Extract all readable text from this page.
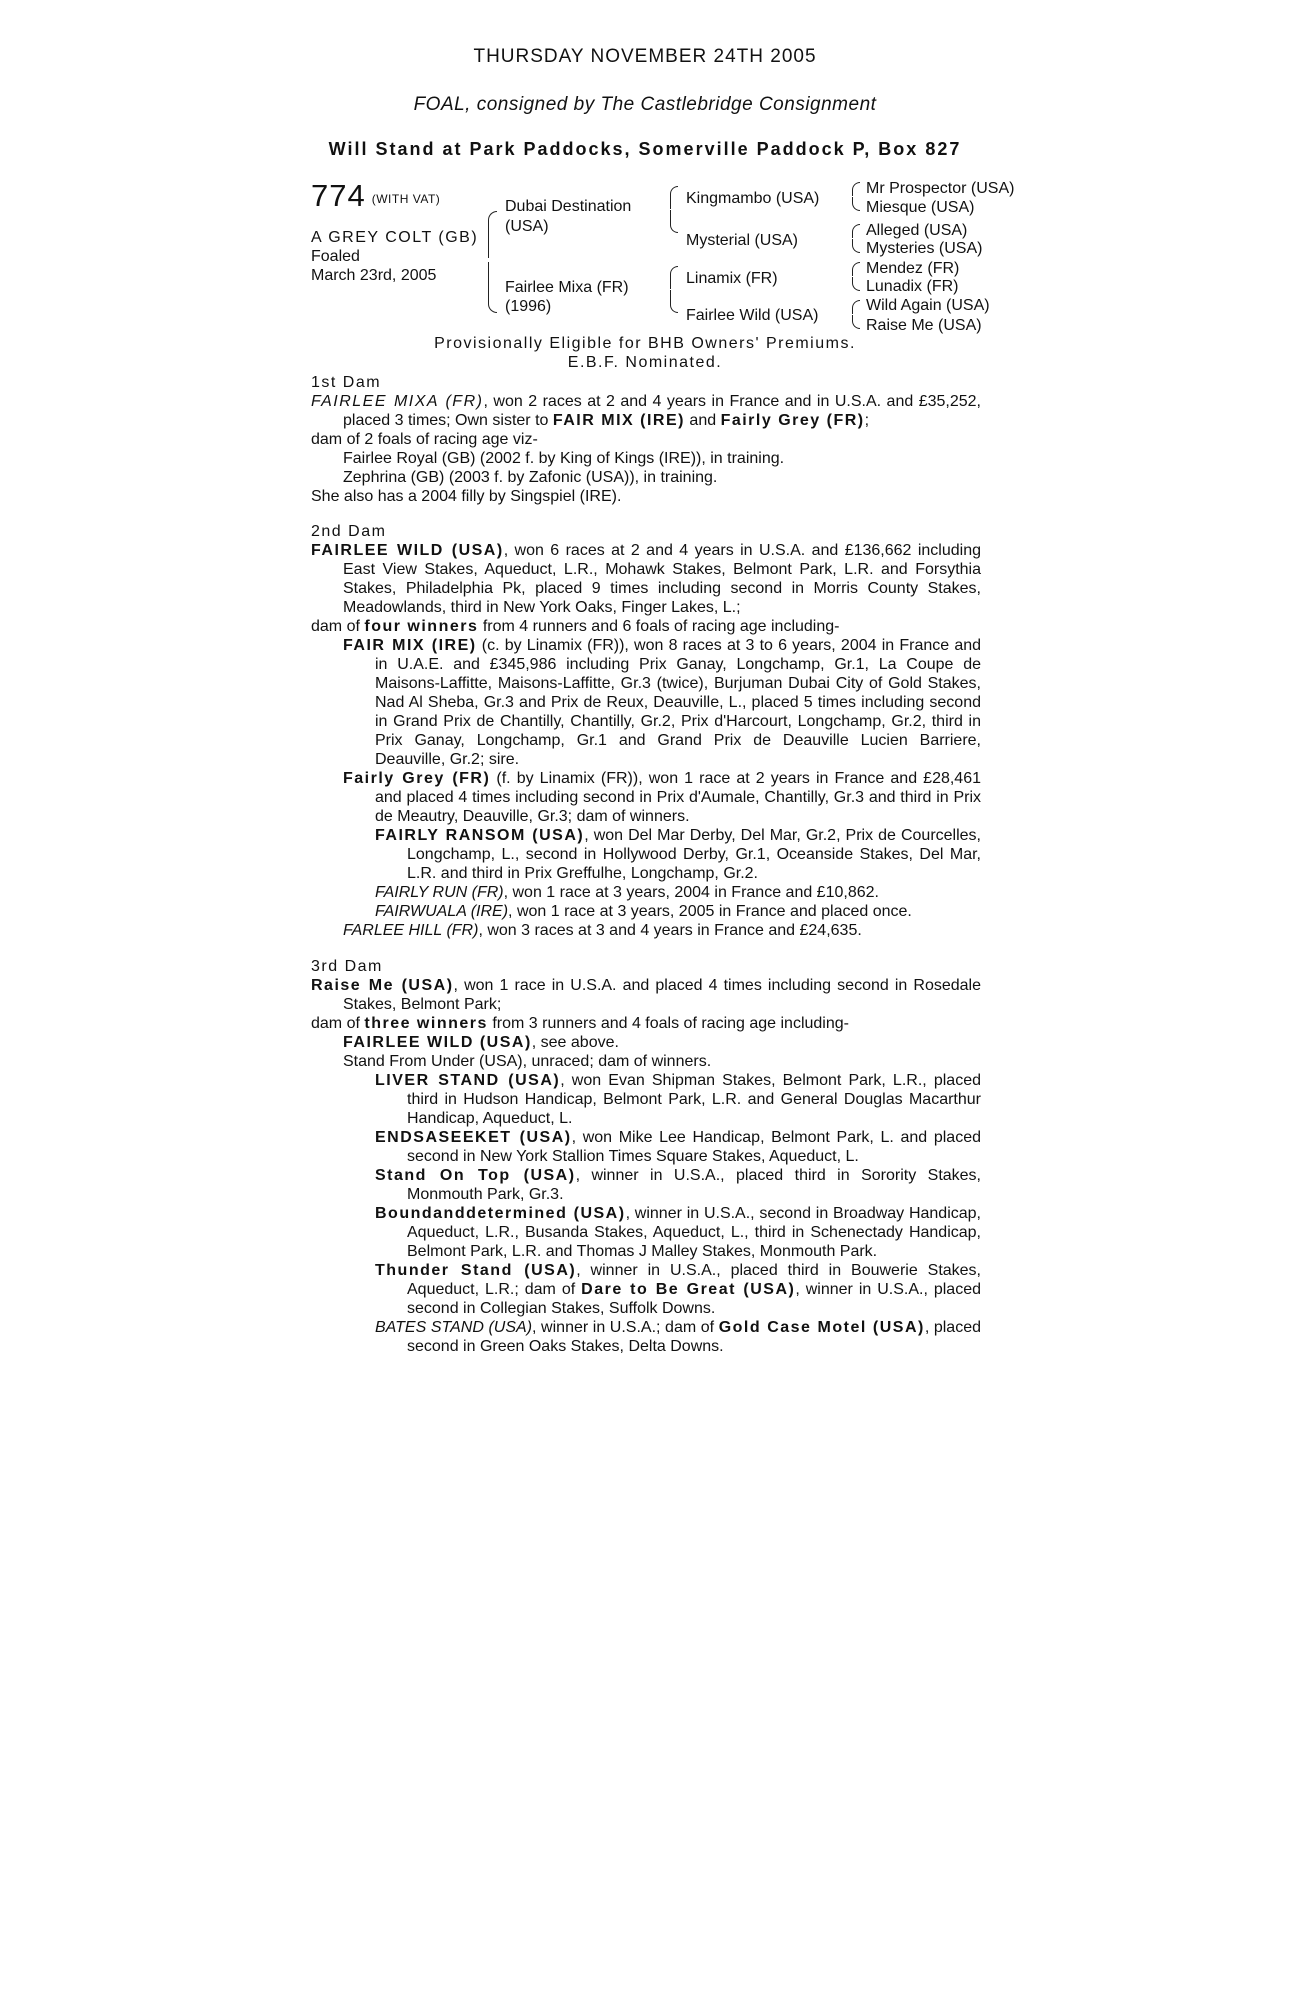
THURSDAY NOVEMBER 24TH 2005
FOAL, consigned by The Castlebridge Consignment
Will Stand at Park Paddocks, Somerville Paddock P, Box 827
774 (WITH VAT)
A GREY COLT (GB)
Foaled
March 23rd, 2005
Dubai Destination
(USA)
Fairlee Mixa (FR)
(1996)
Kingmambo (USA)
Mysterial (USA)
Linamix (FR)
Fairlee Wild (USA)
Mr Prospector (USA)
Miesque (USA)
Alleged (USA)
Mysteries (USA)
Mendez (FR)
Lunadix (FR)
Wild Again (USA)
Raise Me (USA)
Provisionally Eligible for BHB Owners' Premiums.
E.B.F. Nominated.

1st Dam

FAIRLEE MIXA (FR), won 2 races at 2 and 4 years in France and in U.S.A. and £35,252, placed 3 times; Own sister to FAIR MIX (IRE) and Fairly Grey (FR);

dam of 2 foals of racing age viz-

Fairlee Royal (GB) (2002 f. by King of Kings (IRE)), in training.

Zephrina (GB) (2003 f. by Zafonic (USA)), in training.

She also has a 2004 filly by Singspiel (IRE).

2nd Dam

FAIRLEE WILD (USA), won 6 races at 2 and 4 years in U.S.A. and £136,662 including East View Stakes, Aqueduct, L.R., Mohawk Stakes, Belmont Park, L.R. and Forsythia Stakes, Philadelphia Pk, placed 9 times including second in Morris County Stakes, Meadowlands, third in New York Oaks, Finger Lakes, L.;

dam of four winners from 4 runners and 6 foals of racing age including-

FAIR MIX (IRE) (c. by Linamix (FR)), won 8 races at 3 to 6 years, 2004 in France and in U.A.E. and £345,986 including Prix Ganay, Longchamp, Gr.1, La Coupe de Maisons-Laffitte, Maisons-Laffitte, Gr.3 (twice), Burjuman Dubai City of Gold Stakes, Nad Al Sheba, Gr.3 and Prix de Reux, Deauville, L., placed 5 times including second in Grand Prix de Chantilly, Chantilly, Gr.2, Prix d'Harcourt, Longchamp, Gr.2, third in Prix Ganay, Longchamp, Gr.1 and Grand Prix de Deauville Lucien Barriere, Deauville, Gr.2; sire.

Fairly Grey (FR) (f. by Linamix (FR)), won 1 race at 2 years in France and £28,461 and placed 4 times including second in Prix d'Aumale, Chantilly, Gr.3 and third in Prix de Meautry, Deauville, Gr.3; dam of winners.

FAIRLY RANSOM (USA), won Del Mar Derby, Del Mar, Gr.2, Prix de Courcelles, Longchamp, L., second in Hollywood Derby, Gr.1, Oceanside Stakes, Del Mar, L.R. and third in Prix Greffulhe, Longchamp, Gr.2.

FAIRLY RUN (FR), won 1 race at 3 years, 2004 in France and £10,862.

FAIRWUALA (IRE), won 1 race at 3 years, 2005 in France and placed once.

FARLEE HILL (FR), won 3 races at 3 and 4 years in France and £24,635.

3rd Dam

Raise Me (USA), won 1 race in U.S.A. and placed 4 times including second in Rosedale Stakes, Belmont Park;

dam of three winners from 3 runners and 4 foals of racing age including-

FAIRLEE WILD (USA), see above.

Stand From Under (USA), unraced; dam of winners.

LIVER STAND (USA), won Evan Shipman Stakes, Belmont Park, L.R., placed third in Hudson Handicap, Belmont Park, L.R. and General Douglas Macarthur Handicap, Aqueduct, L.

ENDSASEEKET (USA), won Mike Lee Handicap, Belmont Park, L. and placed second in New York Stallion Times Square Stakes, Aqueduct, L.

Stand On Top (USA), winner in U.S.A., placed third in Sorority Stakes, Monmouth Park, Gr.3.

Boundanddetermined (USA), winner in U.S.A., second in Broadway Handicap, Aqueduct, L.R., Busanda Stakes, Aqueduct, L., third in Schenectady Handicap, Belmont Park, L.R. and Thomas J Malley Stakes, Monmouth Park.

Thunder Stand (USA), winner in U.S.A., placed third in Bouwerie Stakes, Aqueduct, L.R.; dam of Dare to Be Great (USA), winner in U.S.A., placed second in Collegian Stakes, Suffolk Downs.

BATES STAND (USA), winner in U.S.A.; dam of Gold Case Motel (USA), placed second in Green Oaks Stakes, Delta Downs.
